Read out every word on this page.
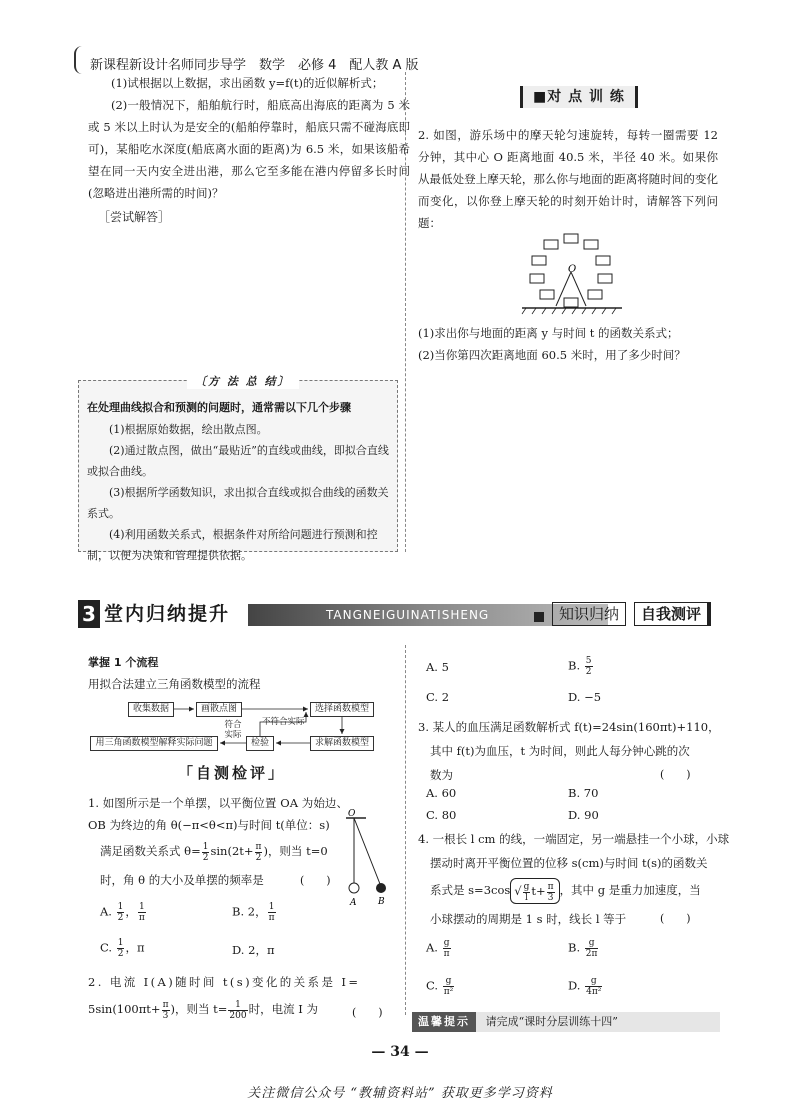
新课程新设计名师同步导学　数学　必修 4　配人教 A 版
(1)试根据以上数据，求出函数 y=f(t)的近似解析式；
(2)一般情况下，船舶航行时，船底高出海底的距离为 5 米或 5 米以上时认为是安全的(船舶停靠时，船底只需不碰海底即可)，某船吃水深度(船底离水面的距离)为 6.5 米，如果该船希望在同一天内安全进出港，那么它至多能在港内停留多长时间(忽略进出港所需的时间)？
［尝试解答］
〔方 法 总 结〕
在处理曲线拟合和预测的问题时，通常需以下几个步骤
(1)根据原始数据，绘出散点图。
(2)通过散点图，做出“最贴近”的直线或曲线，即拟合直线或拟合曲线。
(3)根据所学函数知识，求出拟合直线或拟合曲线的函数关系式。
(4)利用函数关系式，根据条件对所给问题进行预测和控制，以便为决策和管理提供依据。
■对 点 训 练
2. 如图，游乐场中的摩天轮匀速旋转，每转一圈需要 12 分钟，其中心 O 距离地面 40.5 米，半径 40 米。如果你从最低处登上摩天轮，那么你与地面的距离将随时间的变化而变化，以你登上摩天轮的时刻开始计时，请解答下列问题：
O
(1)求出你与地面的距离 y 与时间 t 的函数关系式；
(2)当你第四次距离地面 60.5 米时，用了多少时间？
3 堂内归纳提升	TANGNEIGUINATISHENG	知识归纳	自我测评
掌握 1 个流程
用拟合法建立三角函数模型的流程
收集数据	画散点图	选择函数模型
求解函数模型
检验
用三角函数模型解释实际问题
符合实际
不符合实际
「自测检评」
1. 如图所示是一个单摆，以平衡位置 OA 为始边、OB 为终边的角 θ(−π<θ<π)与时间 t(单位：s)
满足函数关系式 $\theta= \frac{1}{2} \sin(2t+ \frac{\pi}{2}$ )，则当 t=0
时，角 θ 的大小及单摆的频率是	(　　)
A. $\frac{1}{2}$ ， $\frac{1}{\pi}$	B. 2， $\frac{1}{\pi}$
C. $\frac{1}{2}$ ，π	D. 2，π
O
A B
2. 电流 I(A)随时间 t(s)变化的关系是 I=
$5\sin(100\pi t+ \frac{\pi}{3}$ )，则当 $t= \frac{1}{200}$ 时，电流 I 为	(　　)
A. 5	B. $\frac{5}{2}$
C. 2	D. −5
3. 某人的血压满足函数解析式 f(t)=24sin(160πt)+110，
其中 f(t)为血压，t 为时间，则此人每分钟心跳的次
数为	(　　)
A. 60	B. 70
C. 80	D. 90
4. 一根长 l cm 的线，一端固定，另一端悬挂一个小球，小球
摆动时离开平衡位置的位移 s(cm)与时间 t(s)的函数关
系式是 s=3cos √ $\frac{g}{l} t+ \frac{\pi}{3}$ ，其中 g 是重力加速度，当
小球摆动的周期是 1 s 时，线长 l 等于	(　　)
A. $\frac{g}{\pi}$	B. $\frac{g}{2\pi}$
C. $\frac{g}{\text{π²}}$	D. $\frac{g}{\text{4π²}}$
温馨提示 请完成“课时分层训练十四”
— 34 —
关注微信公众号 “教辅资料站” 获取更多学习资料
